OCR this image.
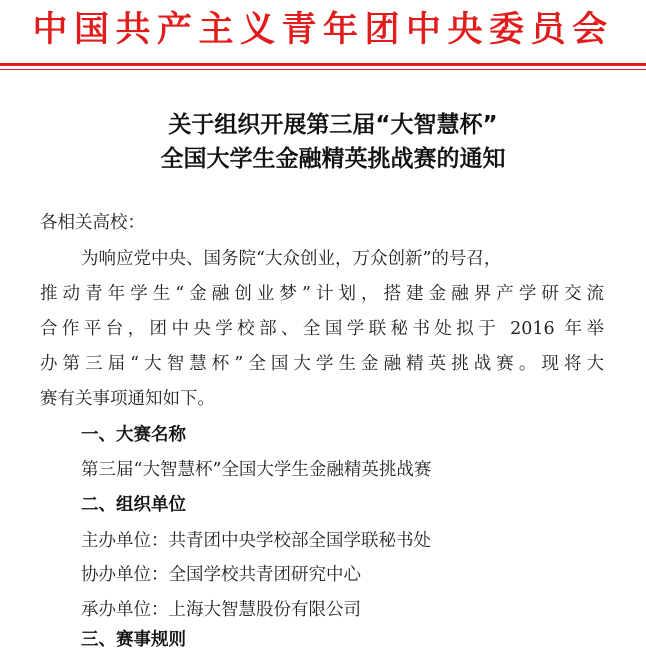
中国共产主义青年团中央委员会
关于组织开展第三届“大智慧杯”
全国大学生金融精英挑战赛的通知
各相关高校：
为响应党中央、国务院“大众创业，万众创新”的号召，
推动青年学生“金融创业梦”计划，搭建金融界产学研交流
合作平台，团中央学校部、全国学联秘书处拟于 2016 年举
办第三届“大智慧杯”全国大学生金融精英挑战赛。现将大
赛有关事项通知如下。
一、大赛名称
第三届“大智慧杯”全国大学生金融精英挑战赛
二、组织单位
主办单位：共青团中央学校部全国学联秘书处
协办单位：全国学校共青团研究中心
承办单位：上海大智慧股份有限公司
三、赛事规则
